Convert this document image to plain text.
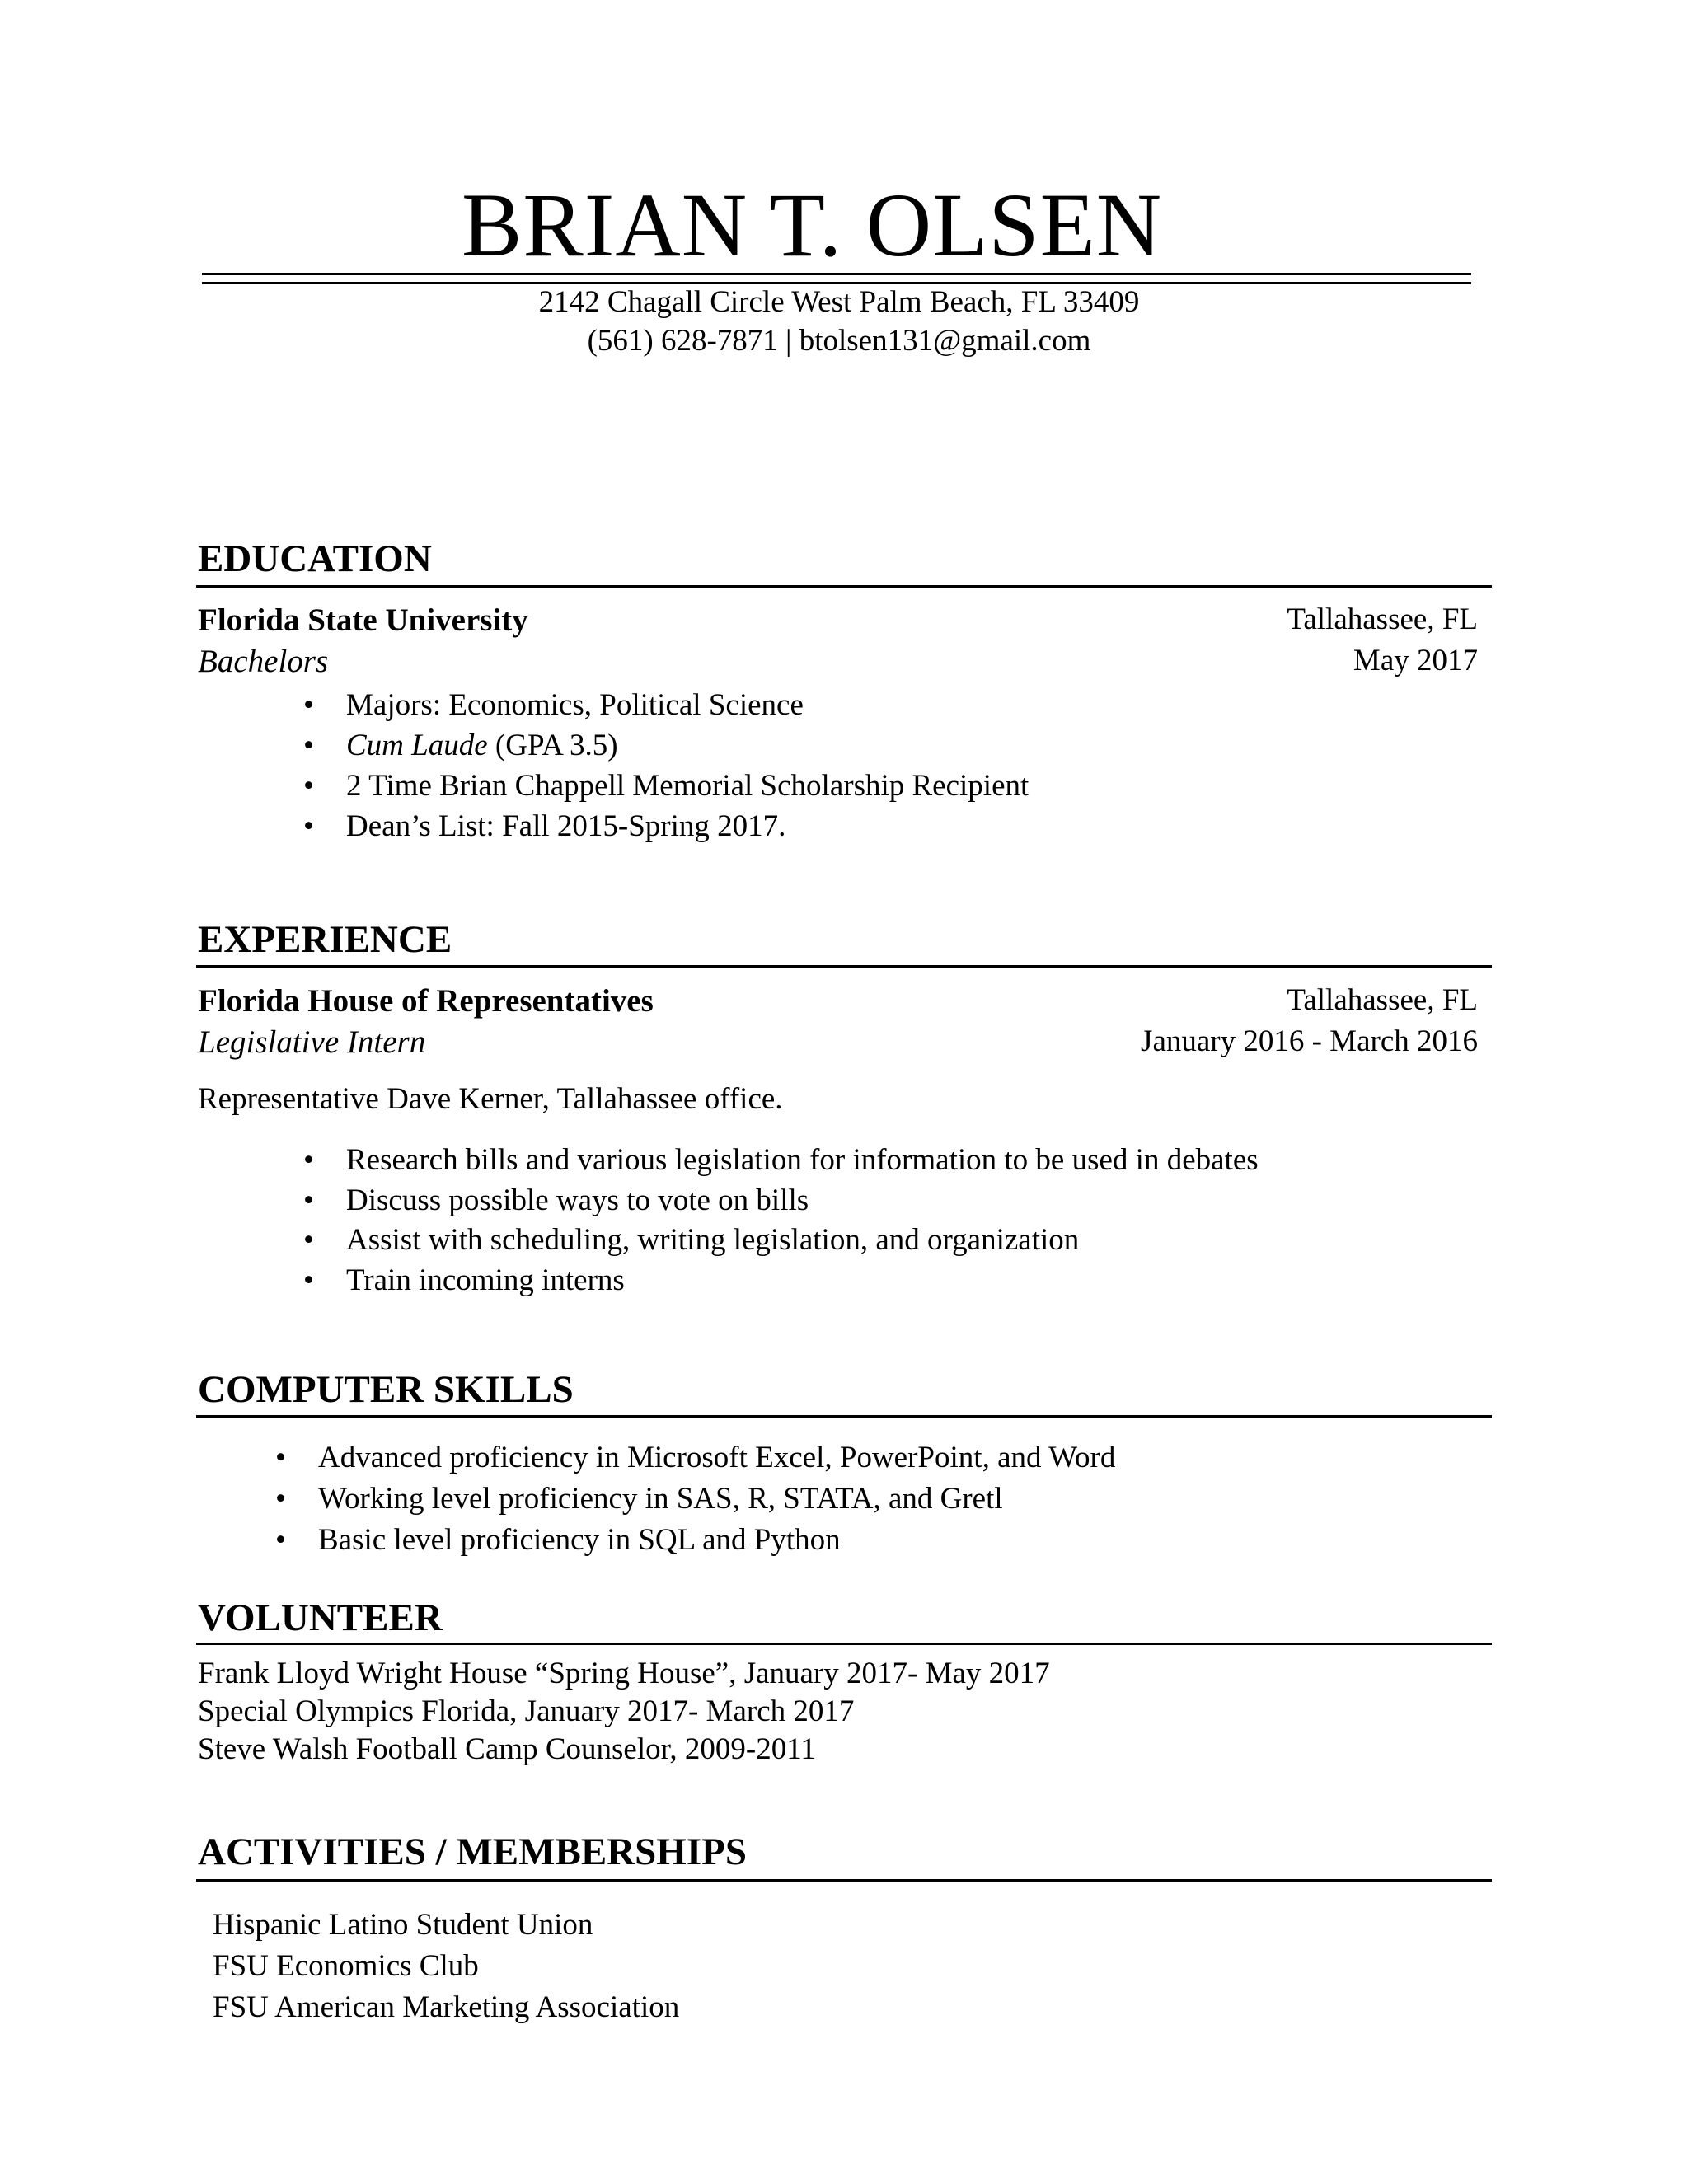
BRIAN T. OLSEN
2142 Chagall Circle West Palm Beach, FL 33409
(561) 628-7871 | btolsen131@gmail.com
EDUCATION
Florida State University	Tallahassee, FL
Bachelors	May 2017
• Majors: Economics, Political Science
• Cum Laude (GPA 3.5)
• 2 Time Brian Chappell Memorial Scholarship Recipient
• Dean’s List: Fall 2015-Spring 2017.
EXPERIENCE
Florida House of Representatives	Tallahassee, FL
Legislative Intern	January 2016 - March 2016
Representative Dave Kerner, Tallahassee office.
• Research bills and various legislation for information to be used in debates
• Discuss possible ways to vote on bills
• Assist with scheduling, writing legislation, and organization
• Train incoming interns
COMPUTER SKILLS
• Advanced proficiency in Microsoft Excel, PowerPoint, and Word
• Working level proficiency in SAS, R, STATA, and Gretl
• Basic level proficiency in SQL and Python
VOLUNTEER
Frank Lloyd Wright House “Spring House”, January 2017- May 2017
Special Olympics Florida, January 2017- March 2017
Steve Walsh Football Camp Counselor, 2009-2011
ACTIVITIES / MEMBERSHIPS
Hispanic Latino Student Union
FSU Economics Club
FSU American Marketing Association
